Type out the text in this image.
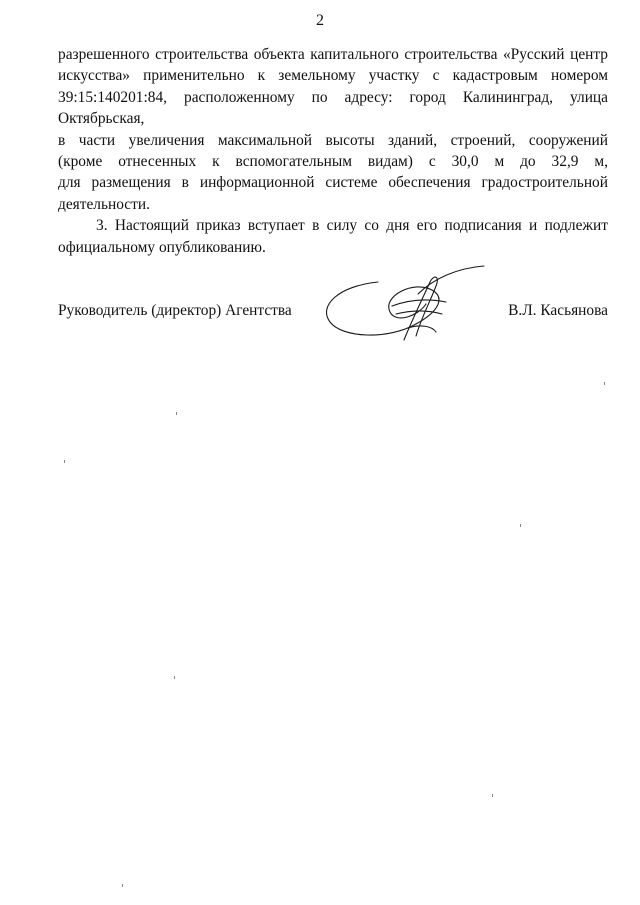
2
разрешенного строительства объекта капитального строительства «Русский центр
искусства» применительно к земельному участку с кадастровым номером
39:15:140201:84, расположенному по адресу: город Калининград, улица Октябрьская,
в части увеличения максимальной высоты зданий, строений, сооружений
(кроме отнесенных к вспомогательным видам) с 30,0 м до 32,9 м,
для размещения в информационной системе обеспечения градостроительной
деятельности.
3. Настоящий приказ вступает в силу со дня его подписания и подлежит
официальному опубликованию.
Руководитель (директор) Агентства	В.Л. Касьянова
